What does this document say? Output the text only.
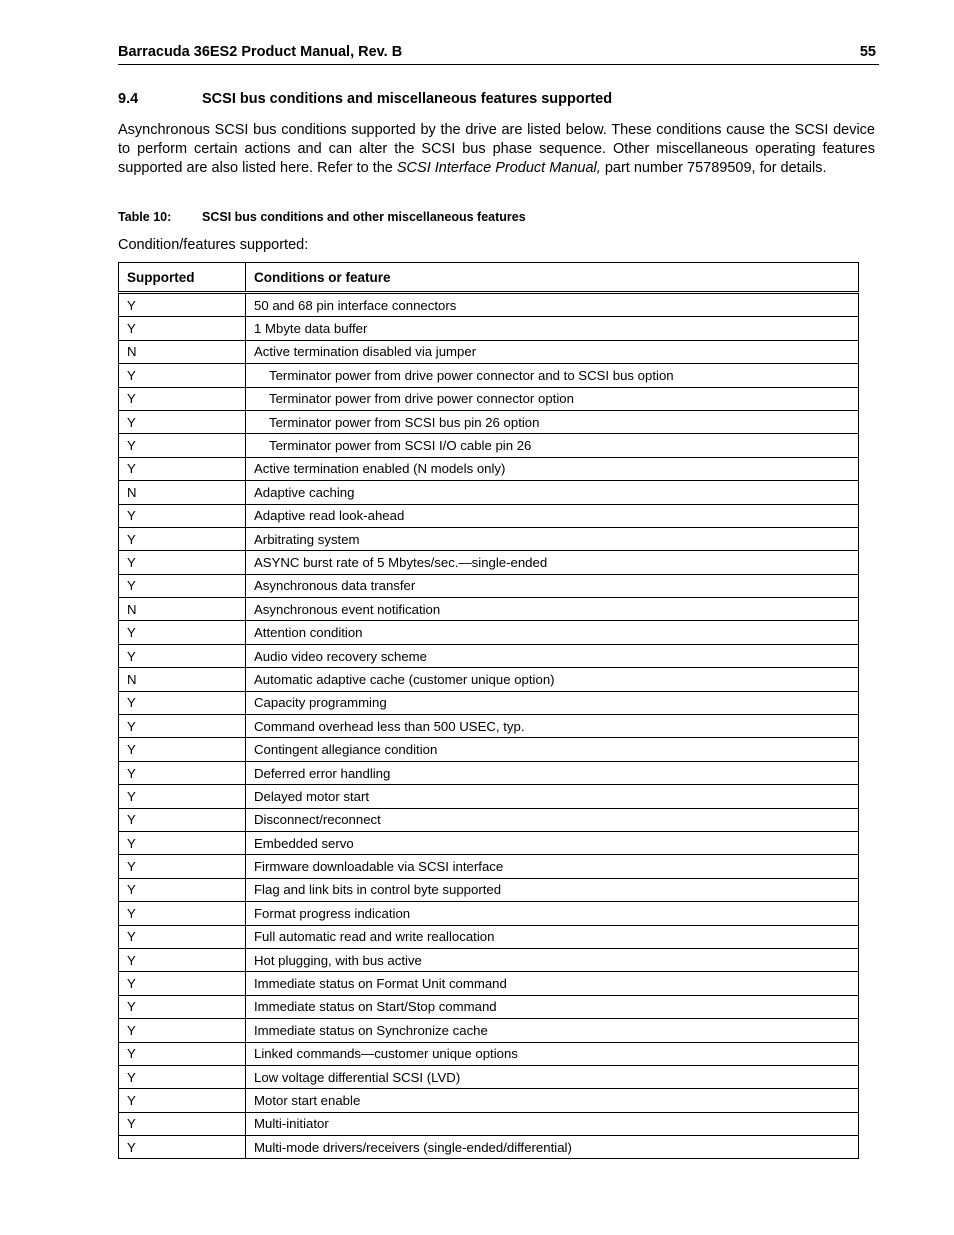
Barracuda 36ES2 Product Manual, Rev. B	55
9.4	SCSI bus conditions and miscellaneous features supported

Asynchronous SCSI bus conditions supported by the drive are listed below. These conditions cause the SCSI device to perform certain actions and can alter the SCSI bus phase sequence. Other miscellaneous operating features supported are also listed here. Refer to the SCSI Interface Product Manual, part number 75789509, for details.

Table 10: SCSI bus conditions and other miscellaneous features
Condition/features supported:
Supported	Conditions or feature
Y	50 and 68 pin interface connectors
Y	1 Mbyte data buffer
N	Active termination disabled via jumper
Y	Terminator power from drive power connector and to SCSI bus option
Y	Terminator power from drive power connector option
Y	Terminator power from SCSI bus pin 26 option
Y	Terminator power from SCSI I/O cable pin 26
Y	Active termination enabled (N models only)
N	Adaptive caching
Y	Adaptive read look-ahead
Y	Arbitrating system
Y	ASYNC burst rate of 5 Mbytes/sec.—single-ended
Y	Asynchronous data transfer
N	Asynchronous event notification
Y	Attention condition
Y	Audio video recovery scheme
N	Automatic adaptive cache (customer unique option)
Y	Capacity programming
Y	Command overhead less than 500 USEC, typ.
Y	Contingent allegiance condition
Y	Deferred error handling
Y	Delayed motor start
Y	Disconnect/reconnect
Y	Embedded servo
Y	Firmware downloadable via SCSI interface
Y	Flag and link bits in control byte supported
Y	Format progress indication
Y	Full automatic read and write reallocation
Y	Hot plugging, with bus active
Y	Immediate status on Format Unit command
Y	Immediate status on Start/Stop command
Y	Immediate status on Synchronize cache
Y	Linked commands—customer unique options
Y	Low voltage differential SCSI (LVD)
Y	Motor start enable
Y	Multi-initiator
Y	Multi-mode drivers/receivers (single-ended/differential)
